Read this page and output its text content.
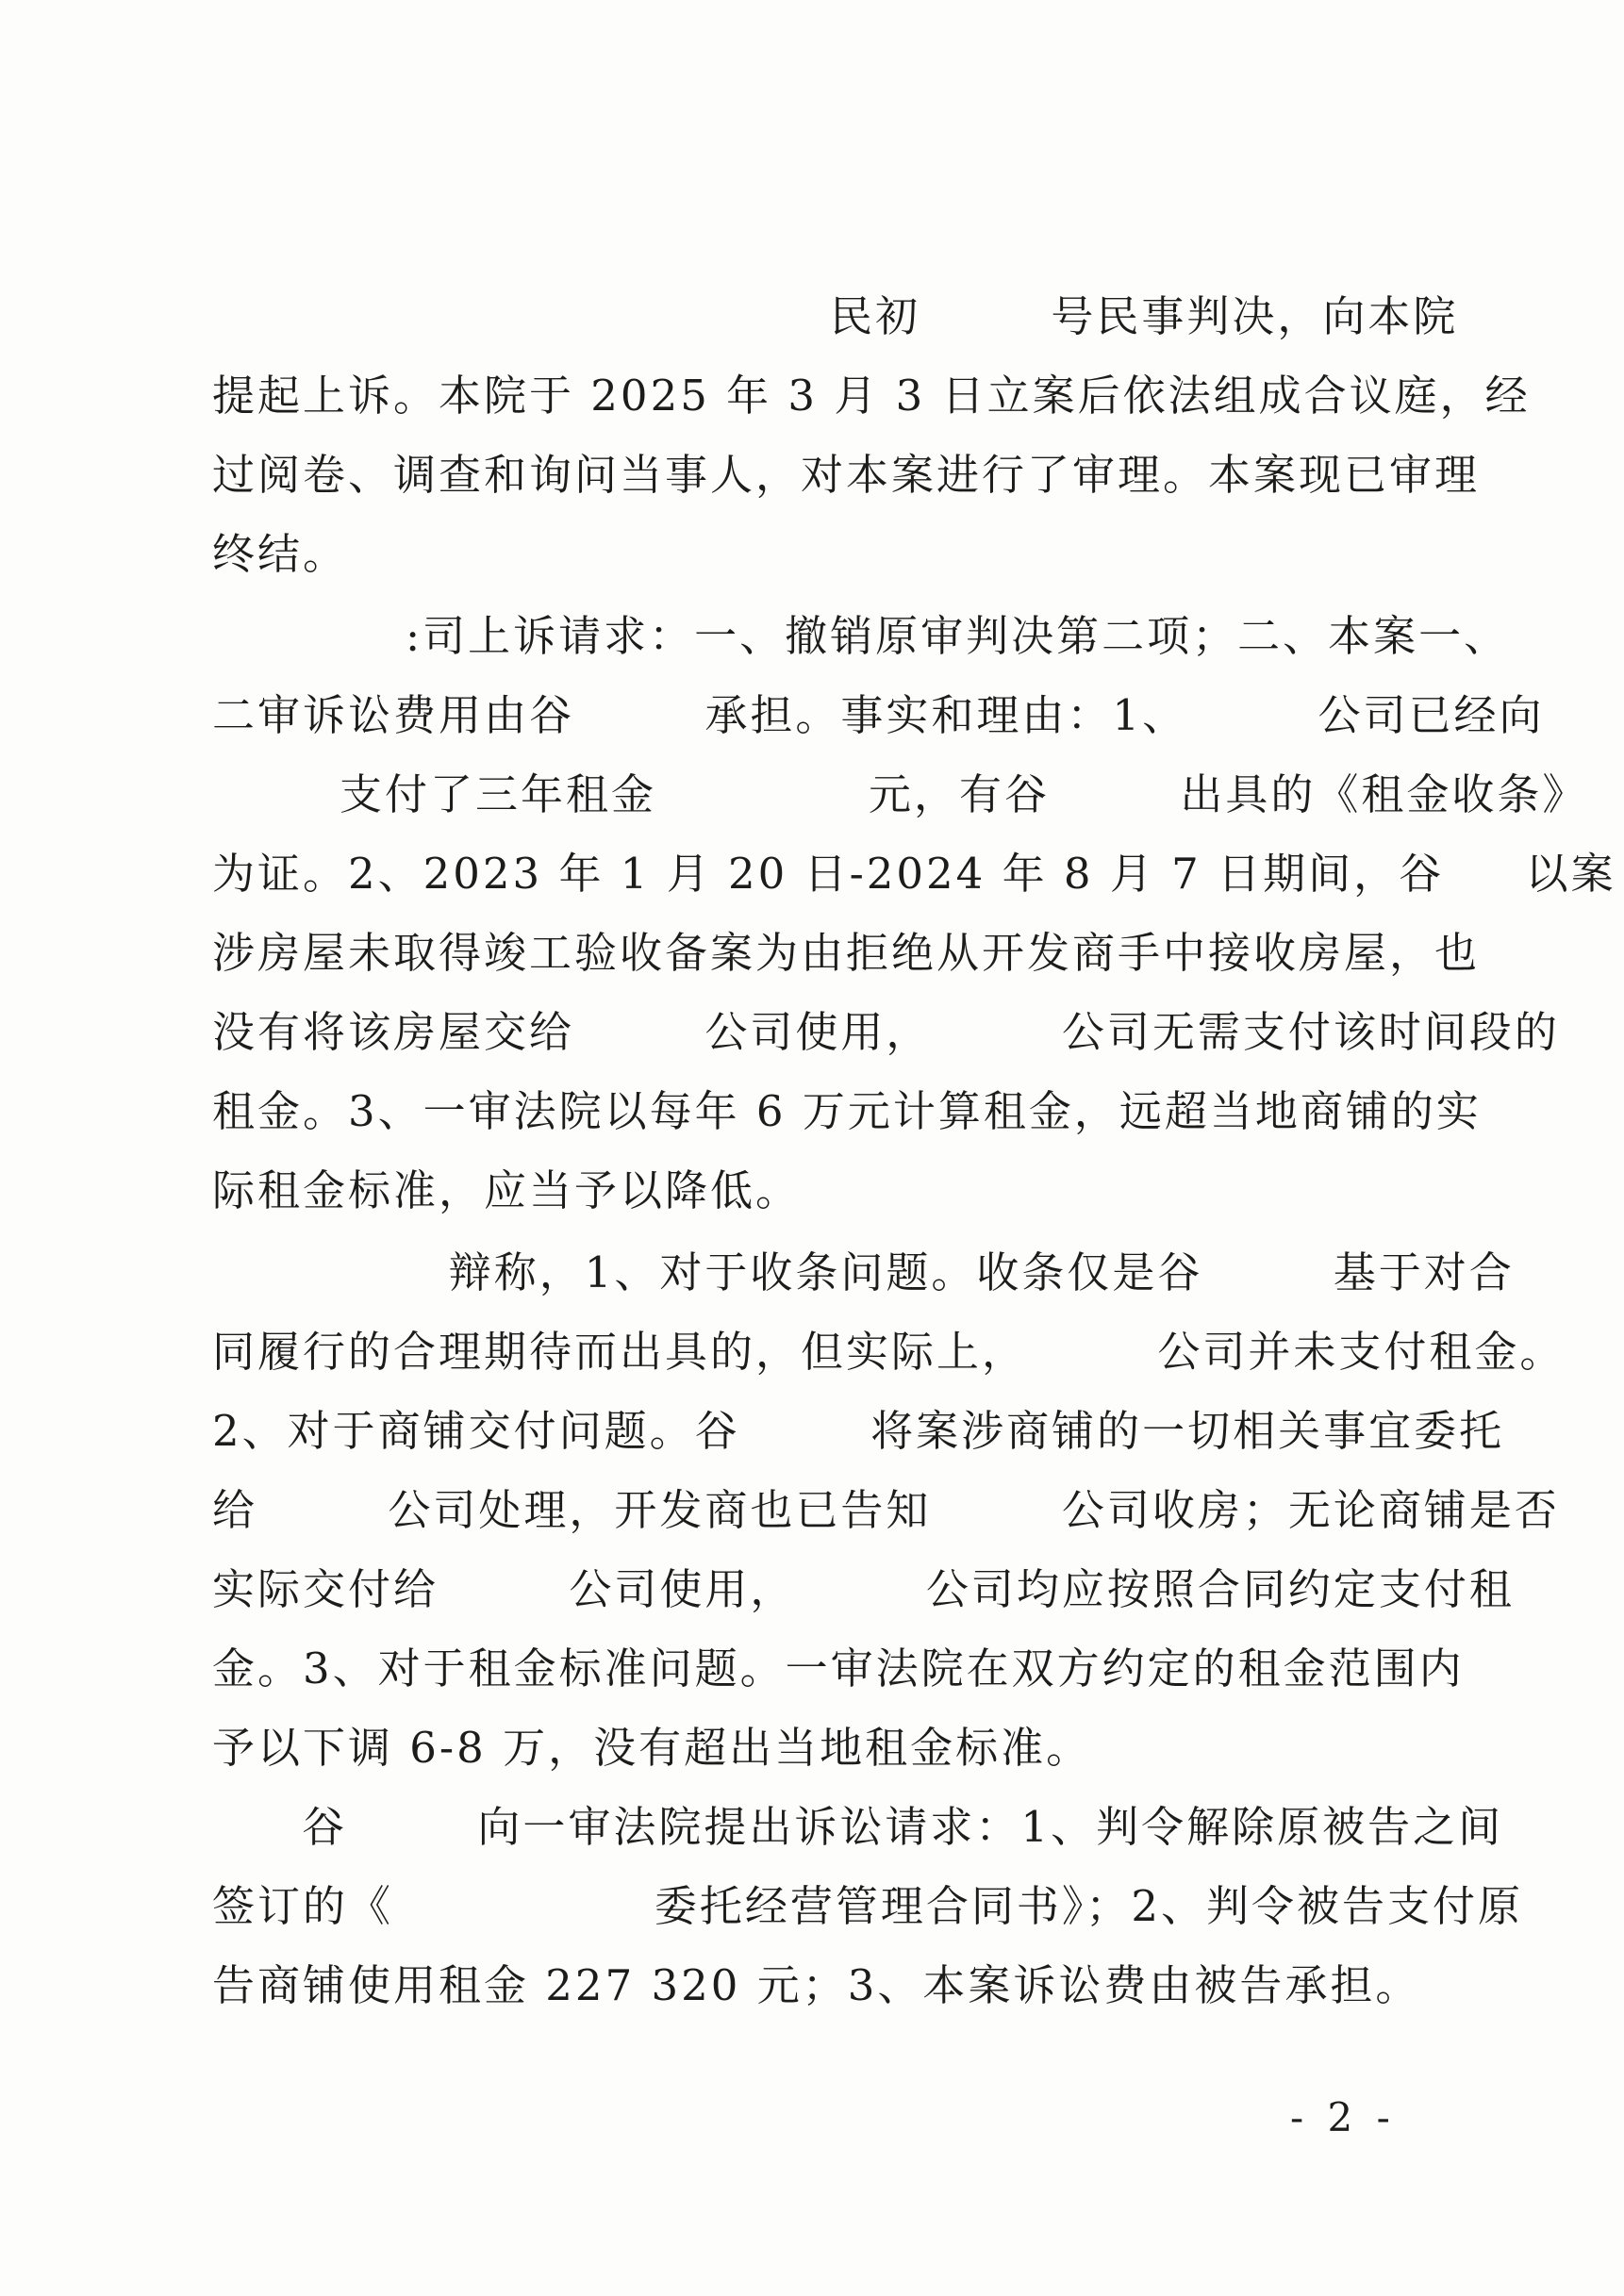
民初        号民事判决，向本院
提起上诉。本院于 2025 年 3 月 3 日立案后依法组成合议庭，经
过阅卷、调查和询问当事人，对本案进行了审理。本案现已审理
终结。
:司上诉请求：一、撤销原审判决第二项；二、本案一、
二审诉讼费用由谷        承担。事实和理由：1、        公司已经向
支付了三年租金             元，有谷        出具的《租金收条》
为证。2、2023 年 1 月 20 日-2024 年 8 月 7 日期间，谷     以案
涉房屋未取得竣工验收备案为由拒绝从开发商手中接收房屋，也
没有将该房屋交给        公司使用，        公司无需支付该时间段的
租金。3、一审法院以每年 6 万元计算租金，远超当地商铺的实
际租金标准，应当予以降低。
辩称，1、对于收条问题。收条仅是谷        基于对合
同履行的合理期待而出具的，但实际上，        公司并未支付租金。
2、对于商铺交付问题。谷        将案涉商铺的一切相关事宜委托
给        公司处理，开发商也已告知        公司收房；无论商铺是否
实际交付给        公司使用，        公司均应按照合同约定支付租
金。3、对于租金标准问题。一审法院在双方约定的租金范围内
予以下调 6-8 万，没有超出当地租金标准。
谷        向一审法院提出诉讼请求：1、判令解除原被告之间
签订的《                委托经营管理合同书》；2、判令被告支付原
告商铺使用租金 227 320 元；3、本案诉讼费由被告承担。
- 2 -
